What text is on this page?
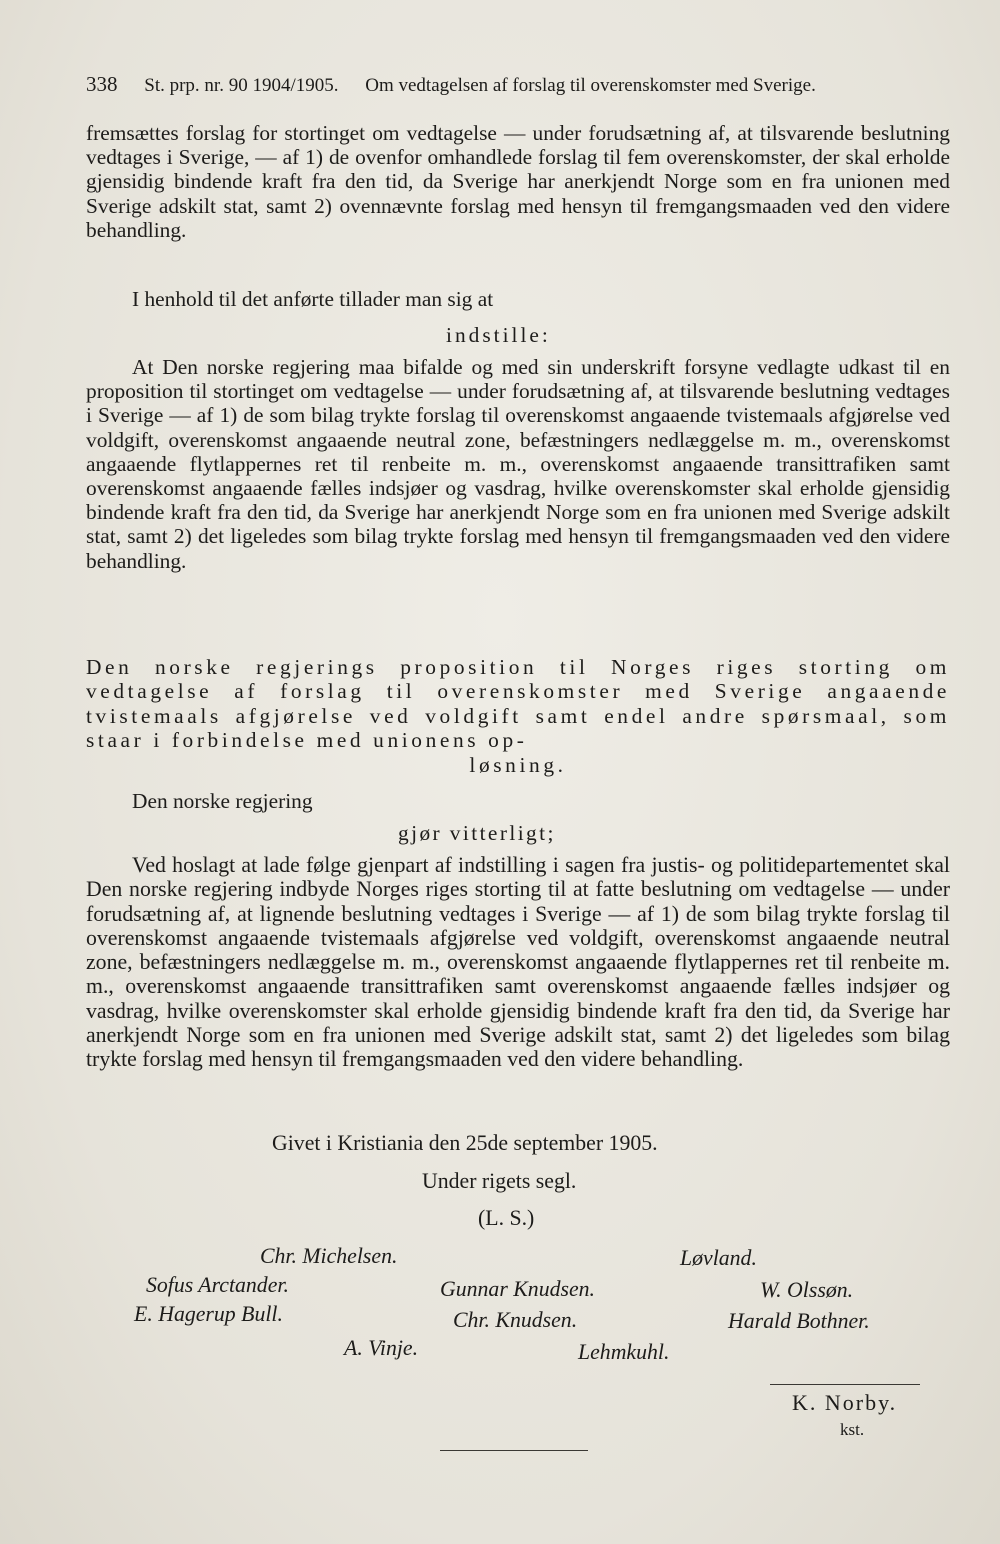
338 St. prp. nr. 90 1904/1905. Om vedtagelsen af forslag til overenskomster med Sverige.
fremsættes forslag for stortinget om vedtagelse — under forudsætning af, at tilsvarende beslutning vedtages i Sverige, — af 1) de ovenfor omhandlede forslag til fem overenskomster, der skal erholde gjensidig bindende kraft fra den tid, da Sverige har anerkjendt Norge som en fra unionen med Sverige adskilt stat, samt 2) ovennævnte forslag med hensyn til fremgangsmaaden ved den videre behandling.
I henhold til det anførte tillader man sig at
indstille:
At Den norske regjering maa bifalde og med sin underskrift forsyne vedlagte udkast til en proposition til stortinget om vedtagelse — under forudsætning af, at tilsvarende beslutning vedtages i Sverige — af 1) de som bilag trykte forslag til overenskomst angaaende tvistemaals afgjørelse ved voldgift, overenskomst angaaende neutral zone, befæstningers nedlæggelse m. m., overenskomst angaaende flytlappernes ret til renbeite m. m., overenskomst angaaende transittrafiken samt overenskomst angaaende fælles indsjøer og vasdrag, hvilke overenskomster skal erholde gjensidig bindende kraft fra den tid, da Sverige har anerkjendt Norge som en fra unionen med Sverige adskilt stat, samt 2) det ligeledes som bilag trykte forslag med hensyn til fremgangsmaaden ved den videre behandling.
Den norske regjerings proposition til Norges riges storting om vedtagelse af forslag til overenskomster med Sverige angaaende tvistemaals afgjørelse ved voldgift samt endel andre spørsmaal, som staar i forbindelse med unionens op-
løsning.
Den norske regjering
gjør vitterligt;
Ved hoslagt at lade følge gjenpart af indstilling i sagen fra justis- og politidepartementet skal Den norske regjering indbyde Norges riges storting til at fatte beslutning om vedtagelse — under forudsætning af, at lignende beslutning vedtages i Sverige — af 1) de som bilag trykte forslag til overenskomst angaaende tvistemaals afgjørelse ved voldgift, overenskomst angaaende neutral zone, befæstningers nedlæggelse m. m., overenskomst angaaende flytlappernes ret til renbeite m. m., overenskomst angaaende transittrafiken samt overenskomst angaaende fælles indsjøer og vasdrag, hvilke overenskomster skal erholde gjensidig bindende kraft fra den tid, da Sverige har anerkjendt Norge som en fra unionen med Sverige adskilt stat, samt 2) det ligeledes som bilag trykte forslag med hensyn til fremgangsmaaden ved den videre behandling.
Givet i Kristiania den 25de september 1905.
Under rigets segl.
(L. S.)
Chr. Michelsen.	Løvland.
Sofus Arctander.	Gunnar Knudsen.	W. Olssøn.
E. Hagerup Bull.	Chr. Knudsen.	Harald Bothner.
A. Vinje.	Lehmkuhl.
K. Norby.
kst.
